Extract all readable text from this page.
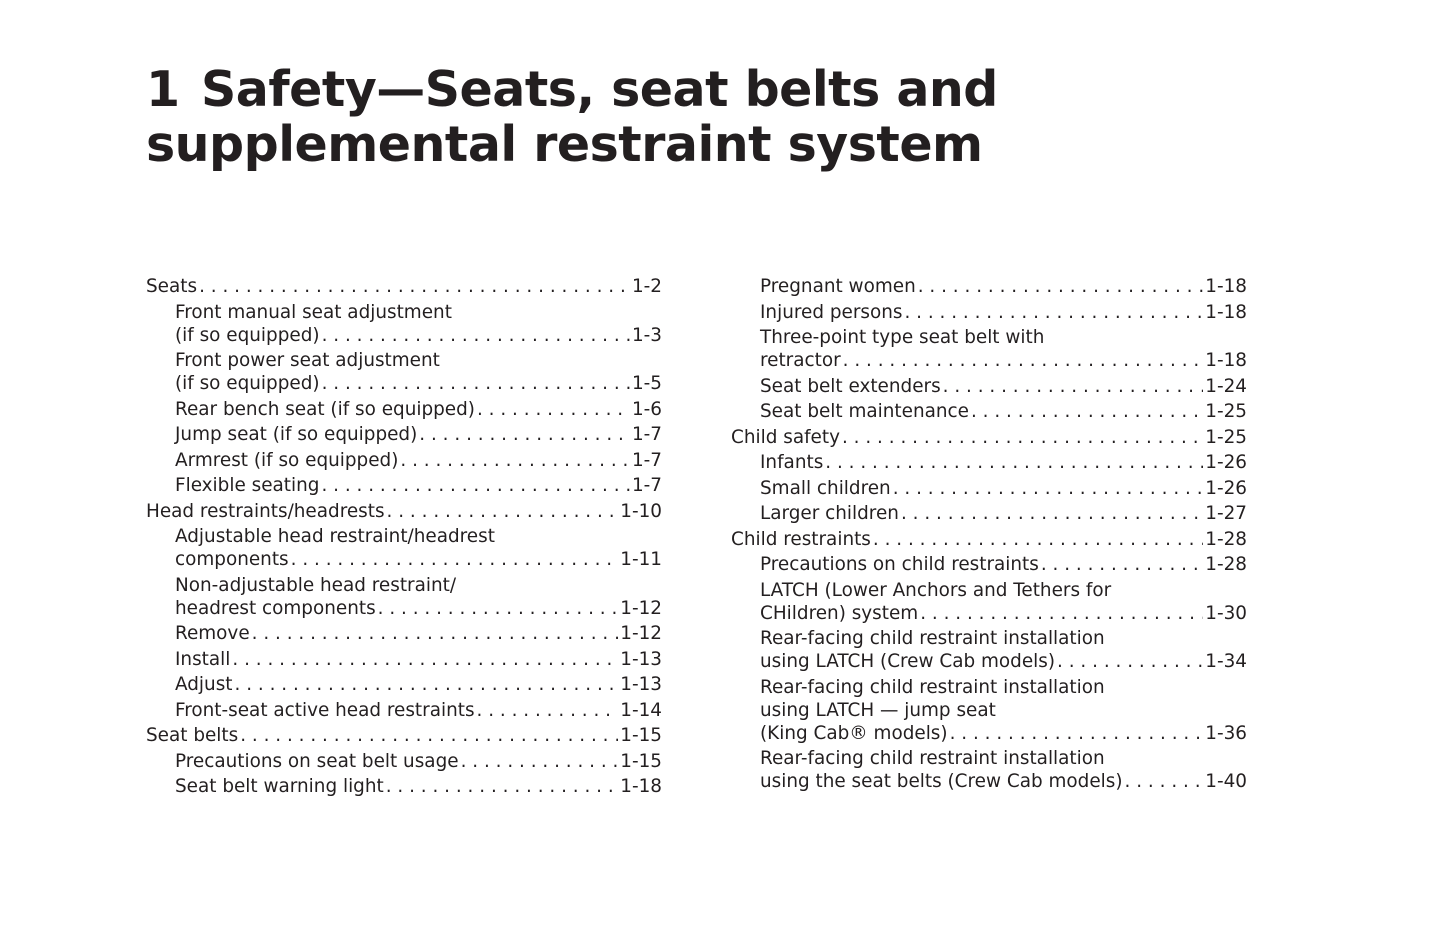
1 Safety—Seats, seat belts and
supplemental restraint system
Seats . . .	1-2
Front manual seat adjustment
(if so equipped) . . .	1-3
Front power seat adjustment
(if so equipped) . . .	1-5
Rear bench seat (if so equipped) . . .	1-6
Jump seat (if so equipped) . . .	1-7
Armrest (if so equipped) . . .	1-7
Flexible seating . . .	1-7
Head restraints/headrests . . .	1-10
Adjustable head restraint/headrest
components . . .	1-11
Non-adjustable head restraint/
headrest components . . .	1-12
Remove . . .	1-12
Install . . .	1-13
Adjust . . .	1-13
Front-seat active head restraints . . .	1-14
Seat belts . . .	1-15
Precautions on seat belt usage . . .	1-15
Seat belt warning light . . .	1-18
Pregnant women . . .	1-18
Injured persons . . .	1-18
Three-point type seat belt with
retractor . . .	1-18
Seat belt extenders . . .	1-24
Seat belt maintenance . . .	1-25
Child safety . . .	1-25
Infants . . .	1-26
Small children . . .	1-26
Larger children . . .	1-27
Child restraints . . .	1-28
Precautions on child restraints . . .	1-28
LATCH (Lower Anchors and Tethers for
CHildren) system . . .	1-30
Rear-facing child restraint installation
using LATCH (Crew Cab models) . . .	1-34
Rear-facing child restraint installation
using LATCH — jump seat
(King Cab® models) . . .	1-36
Rear-facing child restraint installation
using the seat belts (Crew Cab models) . . .	1-40
